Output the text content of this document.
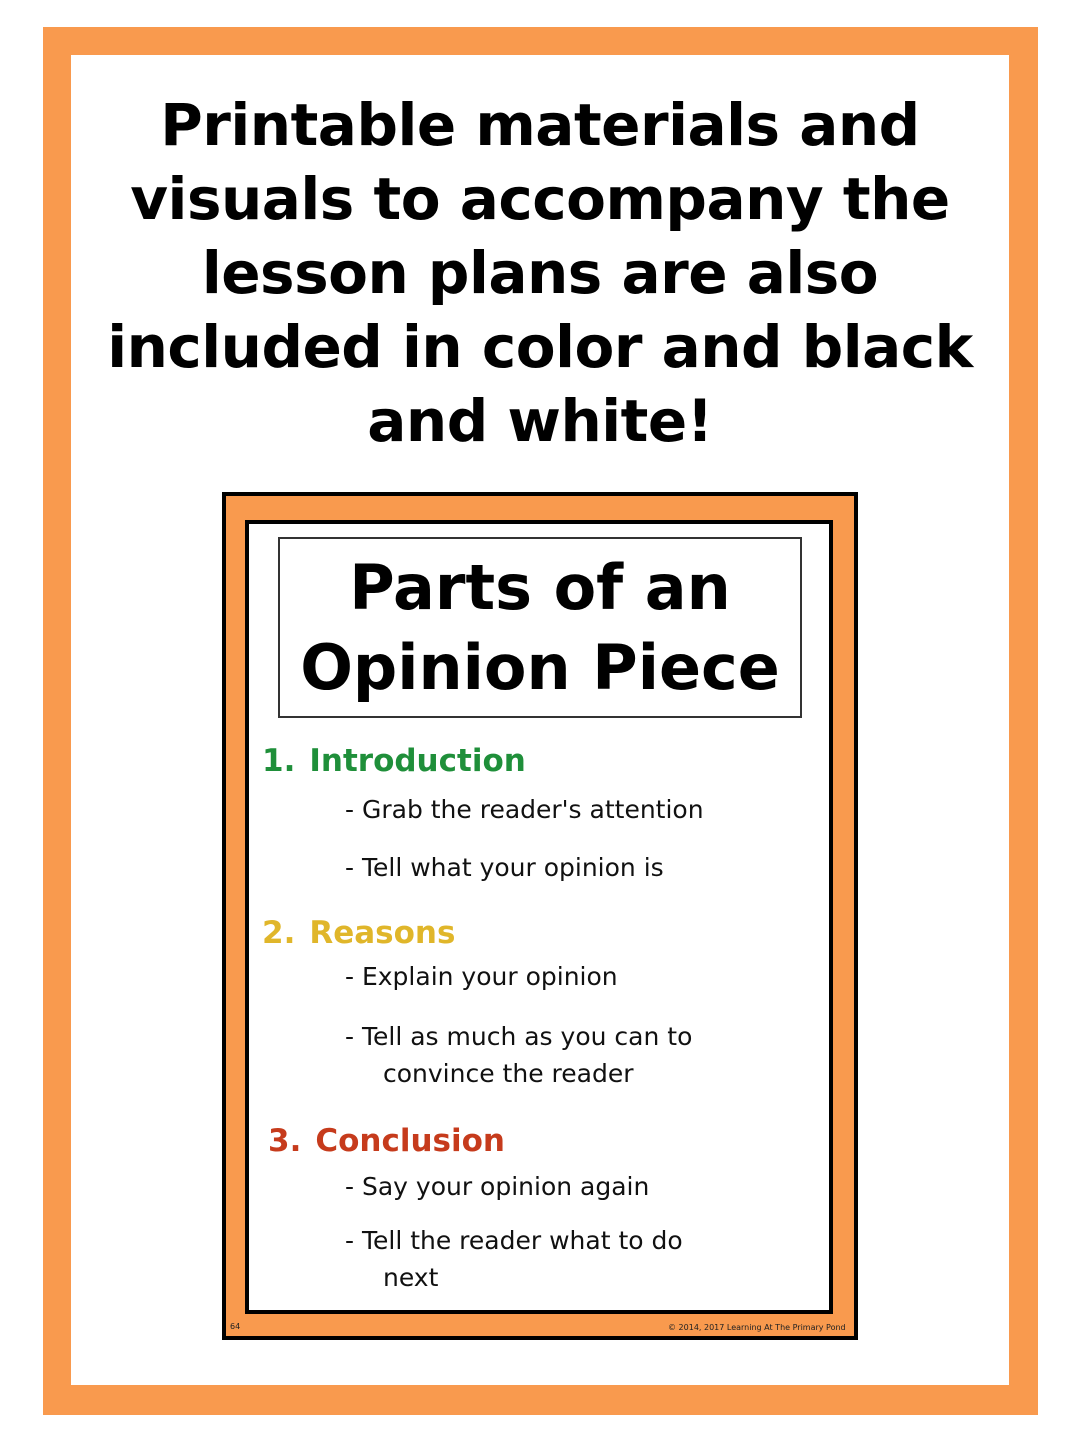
Printable materials and
visuals to accompany the
lesson plans are also
included in color and black
and white!
Parts of an
Opinion Piece
1. Introduction
- Grab the reader's attention
- Tell what your opinion is
2. Reasons
- Explain your opinion
- Tell as much as you can to
convince the reader
3. Conclusion
- Say your opinion again
- Tell the reader what to do
next
64	© 2014, 2017 Learning At The Primary Pond
